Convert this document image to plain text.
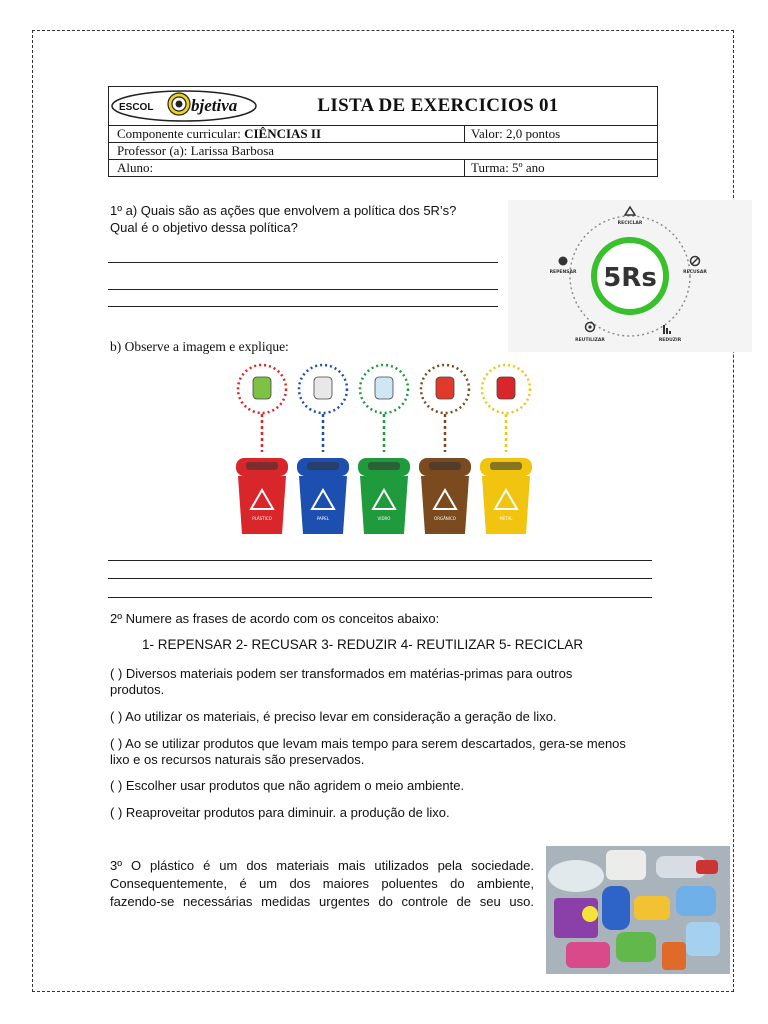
ESCOL bjetiva	LISTA DE EXERCICIOS 01
Componente curricular: CIÊNCIAS II	Valor: 2,0 pontos
Professor (a): Larissa Barbosa
Aluno:	Turma: 5º ano
1º a) Quais são as ações que envolvem a política dos 5R’s?
Qual é o objetivo dessa política?
5Rs
RECICLAR
RECUSAR
REDUZIR
REUTILIZAR
REPENSAR
b) Observe a imagem e explique:
PLÁSTICO	PAPEL	VIDRO	ORGÂNICO	METAL
2º Numere as frases de acordo com os conceitos abaixo:
1- REPENSAR 2- RECUSAR 3- REDUZIR 4- REUTILIZAR 5- RECICLAR
( ) Diversos materiais podem ser transformados em matérias-primas para outros
produtos.
( ) Ao utilizar os materiais, é preciso levar em consideração a geração de lixo.
( ) Ao se utilizar produtos que levam mais tempo para serem descartados, gera-se menos
lixo e os recursos naturais são preservados.
( ) Escolher usar produtos que não agridem o meio ambiente.
( ) Reaproveitar produtos para diminuir. a produção de lixo.
3º O plástico é um dos materiais mais utilizados pela sociedade.
Consequentemente, é um dos maiores poluentes do ambiente,
fazendo-se necessárias medidas urgentes do controle de seu uso.
